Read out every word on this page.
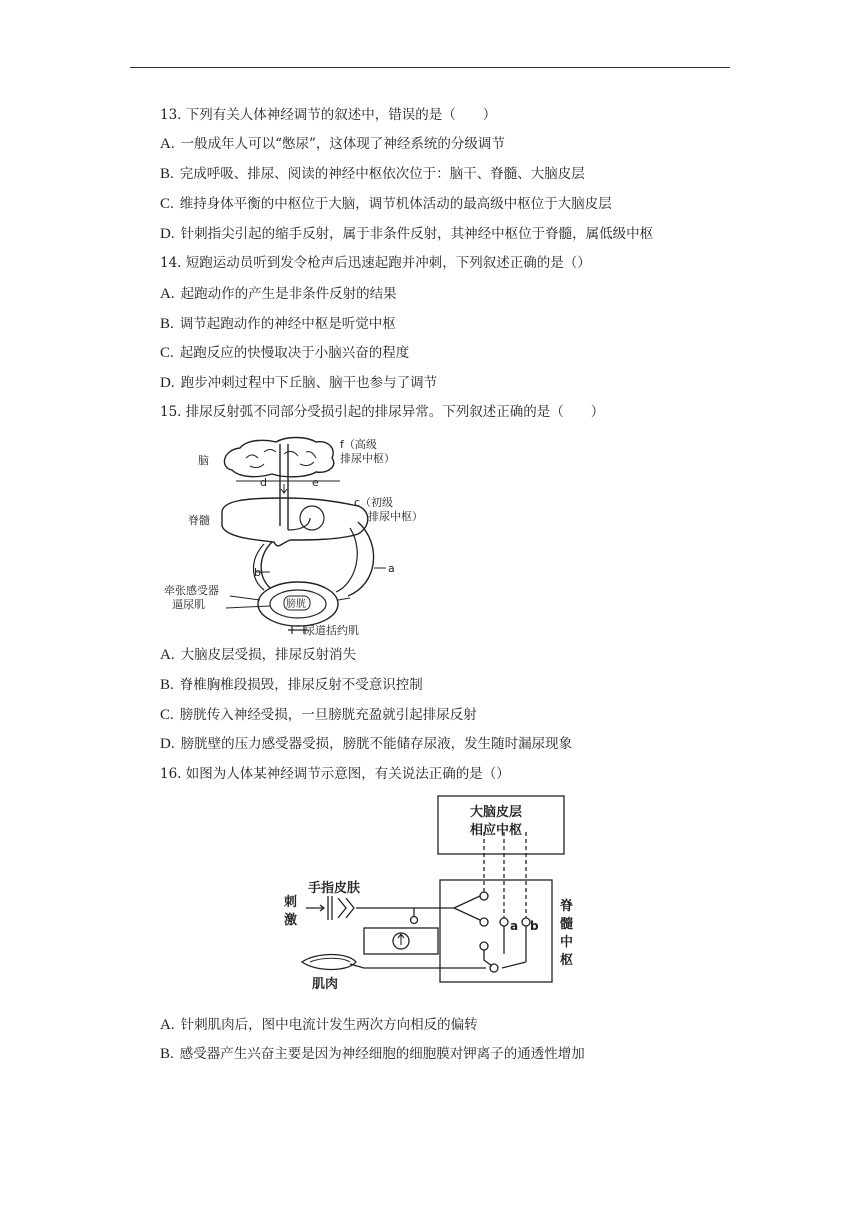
13. 下列有关人体神经调节的叙述中，错误的是（　　）
A. 一般成年人可以“憋尿”，这体现了神经系统的分级调节
B. 完成呼吸、排尿、阅读的神经中枢依次位于：脑干、脊髓、大脑皮层
C. 维持身体平衡的中枢位于大脑，调节机体活动的最高级中枢位于大脑皮层
D. 针刺指尖引起的缩手反射，属于非条件反射，其神经中枢位于脊髓，属低级中枢
14. 短跑运动员听到发令枪声后迅速起跑并冲刺，下列叙述正确的是（）
A. 起跑动作的产生是非条件反射的结果
B. 调节起跑动作的神经中枢是听觉中枢
C. 起跑反应的快慢取决于小脑兴奋的程度
D. 跑步冲刺过程中下丘脑、脑干也参与了调节
15. 排尿反射弧不同部分受损引起的排尿异常。下列叙述正确的是（　　）
脑
f（高级
排尿中枢）
d	e
c（初级
排尿中枢）
脊髓
a
b
牵张感受器
逼尿肌	膀胱
尿道括约肌
A. 大脑皮层受损，排尿反射消失
B. 脊椎胸椎段损毁，排尿反射不受意识控制
C. 膀胱传入神经受损，一旦膀胱充盈就引起排尿反射
D. 膀胱壁的压力感受器受损，膀胱不能储存尿液，发生随时漏尿现象
16. 如图为人体某神经调节示意图，有关说法正确的是（）
大脑皮层
相应中枢
手指皮肤
刺
激
肌肉
a b
脊
髓
中
枢
A. 针刺肌肉后，图中电流计发生两次方向相反的偏转
B. 感受器产生兴奋主要是因为神经细胞的细胞膜对钾离子的通透性增加
